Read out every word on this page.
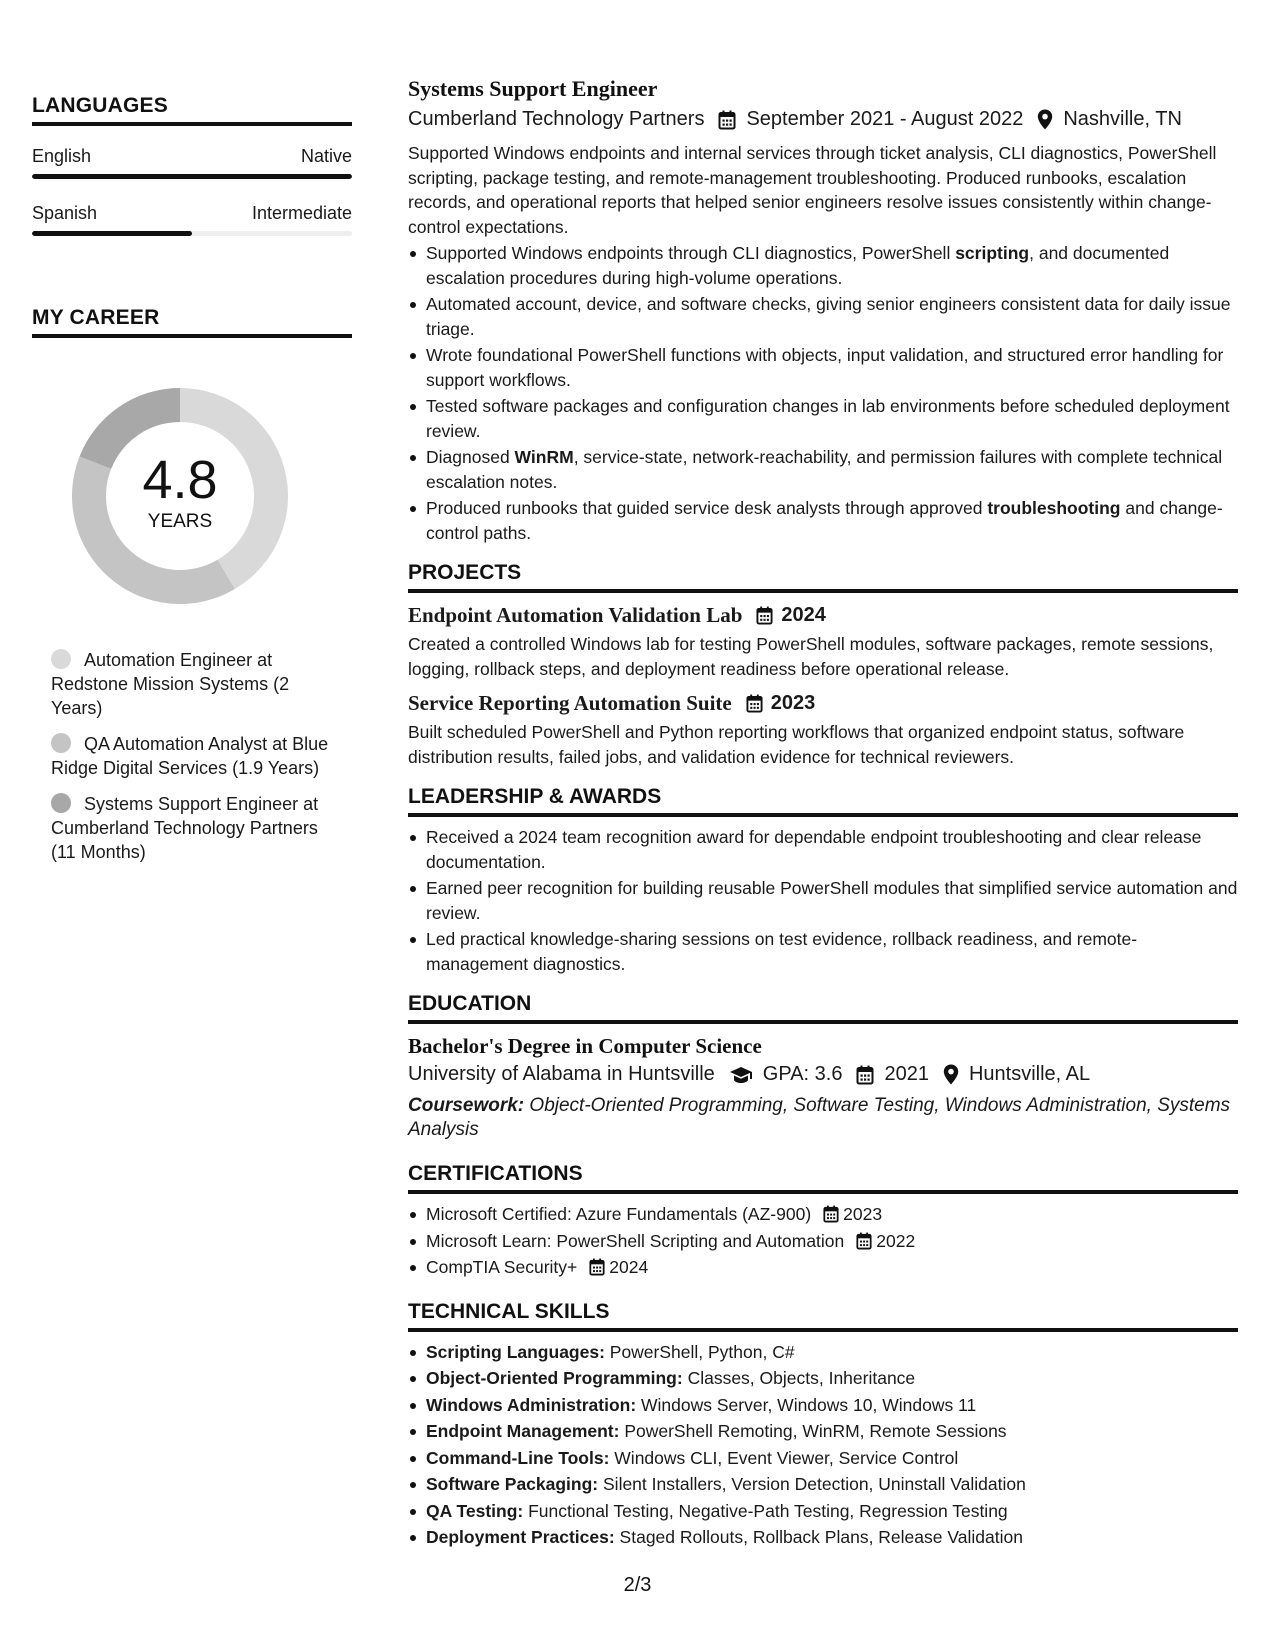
LANGUAGES
English	Native
Spanish	Intermediate
MY CAREER
4.8
YEARS
Automation Engineer at Redstone Mission Systems (2 Years)
QA Automation Analyst at Blue Ridge Digital Services (1.9 Years)
Systems Support Engineer at Cumberland Technology Partners (11 Months)
Systems Support Engineer
Cumberland Technology Partners September 2021 - August 2022 Nashville, TN
Supported Windows endpoints and internal services through ticket analysis, CLI diagnostics, PowerShell scripting, package testing, and remote-management troubleshooting. Produced runbooks, escalation records, and operational reports that helped senior engineers resolve issues consistently within change-control expectations.
Supported Windows endpoints through CLI diagnostics, PowerShell scripting, and documented escalation procedures during high-volume operations.
Automated account, device, and software checks, giving senior engineers consistent data for daily issue triage.
Wrote foundational PowerShell functions with objects, input validation, and structured error handling for support workflows.
Tested software packages and configuration changes in lab environments before scheduled deployment review.
Diagnosed WinRM, service-state, network-reachability, and permission failures with complete technical escalation notes.
Produced runbooks that guided service desk analysts through approved troubleshooting and change-control paths.
PROJECTS
Endpoint Automation Validation Lab 2024
Created a controlled Windows lab for testing PowerShell modules, software packages, remote sessions, logging, rollback steps, and deployment readiness before operational release.
Service Reporting Automation Suite 2023
Built scheduled PowerShell and Python reporting workflows that organized endpoint status, software distribution results, failed jobs, and validation evidence for technical reviewers.
LEADERSHIP & AWARDS
Received a 2024 team recognition award for dependable endpoint troubleshooting and clear release documentation.
Earned peer recognition for building reusable PowerShell modules that simplified service automation and review.
Led practical knowledge-sharing sessions on test evidence, rollback readiness, and remote-management diagnostics.
EDUCATION
Bachelor's Degree in Computer Science
University of Alabama in Huntsville GPA: 3.6 2021 Huntsville, AL
Coursework: Object-Oriented Programming, Software Testing, Windows Administration, Systems Analysis
CERTIFICATIONS
Microsoft Certified: Azure Fundamentals (AZ-900) 2023
Microsoft Learn: PowerShell Scripting and Automation 2022
CompTIA Security+ 2024
TECHNICAL SKILLS
Scripting Languages: PowerShell, Python, C#
Object-Oriented Programming: Classes, Objects, Inheritance
Windows Administration: Windows Server, Windows 10, Windows 11
Endpoint Management: PowerShell Remoting, WinRM, Remote Sessions
Command-Line Tools: Windows CLI, Event Viewer, Service Control
Software Packaging: Silent Installers, Version Detection, Uninstall Validation
QA Testing: Functional Testing, Negative-Path Testing, Regression Testing
Deployment Practices: Staged Rollouts, Rollback Plans, Release Validation
2/3
